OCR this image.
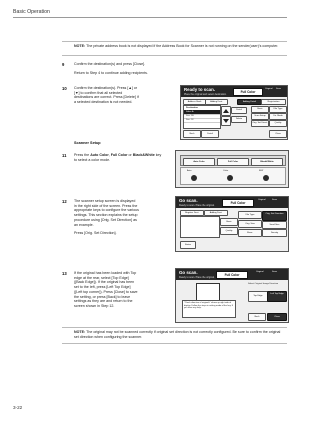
Basic Operation
NOTE: The private address book is not displayed if the Address Book for Scanner is not running on the sender(user)'s computer.
9	Confirm the destination(s) and press [Close].
Return to Step 4 to continue adding recipients.
10 Confirm the destination(s). Press [▲] or
[▼] to confirm that all selected
destinations are correct. Press [Delete] if
a selected destination is not needed.
Ready to scan.
Place the original and select destination.	Full Color
Original Scan
Address Book	Adding Dest.	Adding Detail	Registration
Destination
Sales A
Dev. 2B
Doc. 1F
Detail
Delete
Basic	File Type
Scan Setup	Dir. Mode
Orig. Set Direct.	Quality
Back	Detail	Close
Scanner Setup
11 Press the Auto Color, Full Color or Black&White key
to select a color mode.	Auto Color	Full Color	Black&White
Auto	Color	B/W
12 The scanner setup screen is displayed
in the right side of the screen. Press the
appropriate keys to configure the various
settings. This section explains the setup
procedure using [Orig. Set Direction] as
an example.
Press [Orig. Set Direction].
Go scan.
Ready to scan. Place the original.	Full Color
Original	Scan
Register Dest.	Adding Dest.
Basic
Quality
File Type	Orig. Set Direction
Orig. Size	Send Size
Reso.	Density
Status
13 If the original has been loaded with Top
edge at the rear, select [Top Edge]
([Back Edge]). If the original has been
set to the left, press [Left Top Edge]
([Left top corner]). Press [Close] to save
the setting, or press [Back] to leave
settings as they are and return to the
screen shown in Step 12.
Go scan.
Ready to scan. Place the original.	Full Color
Original	Scan
"Check direction of originals" shows up right side of display. Follow the steps in setting mode of the key. If you have any help.
Select Original Image Direction
Top Edge
Left Top Edge
Back	Close
NOTE: The original may not be scanned correctly if original set direction is not correctly configured. Be sure to confirm the original set direction when configuring the scanner.
3-22
